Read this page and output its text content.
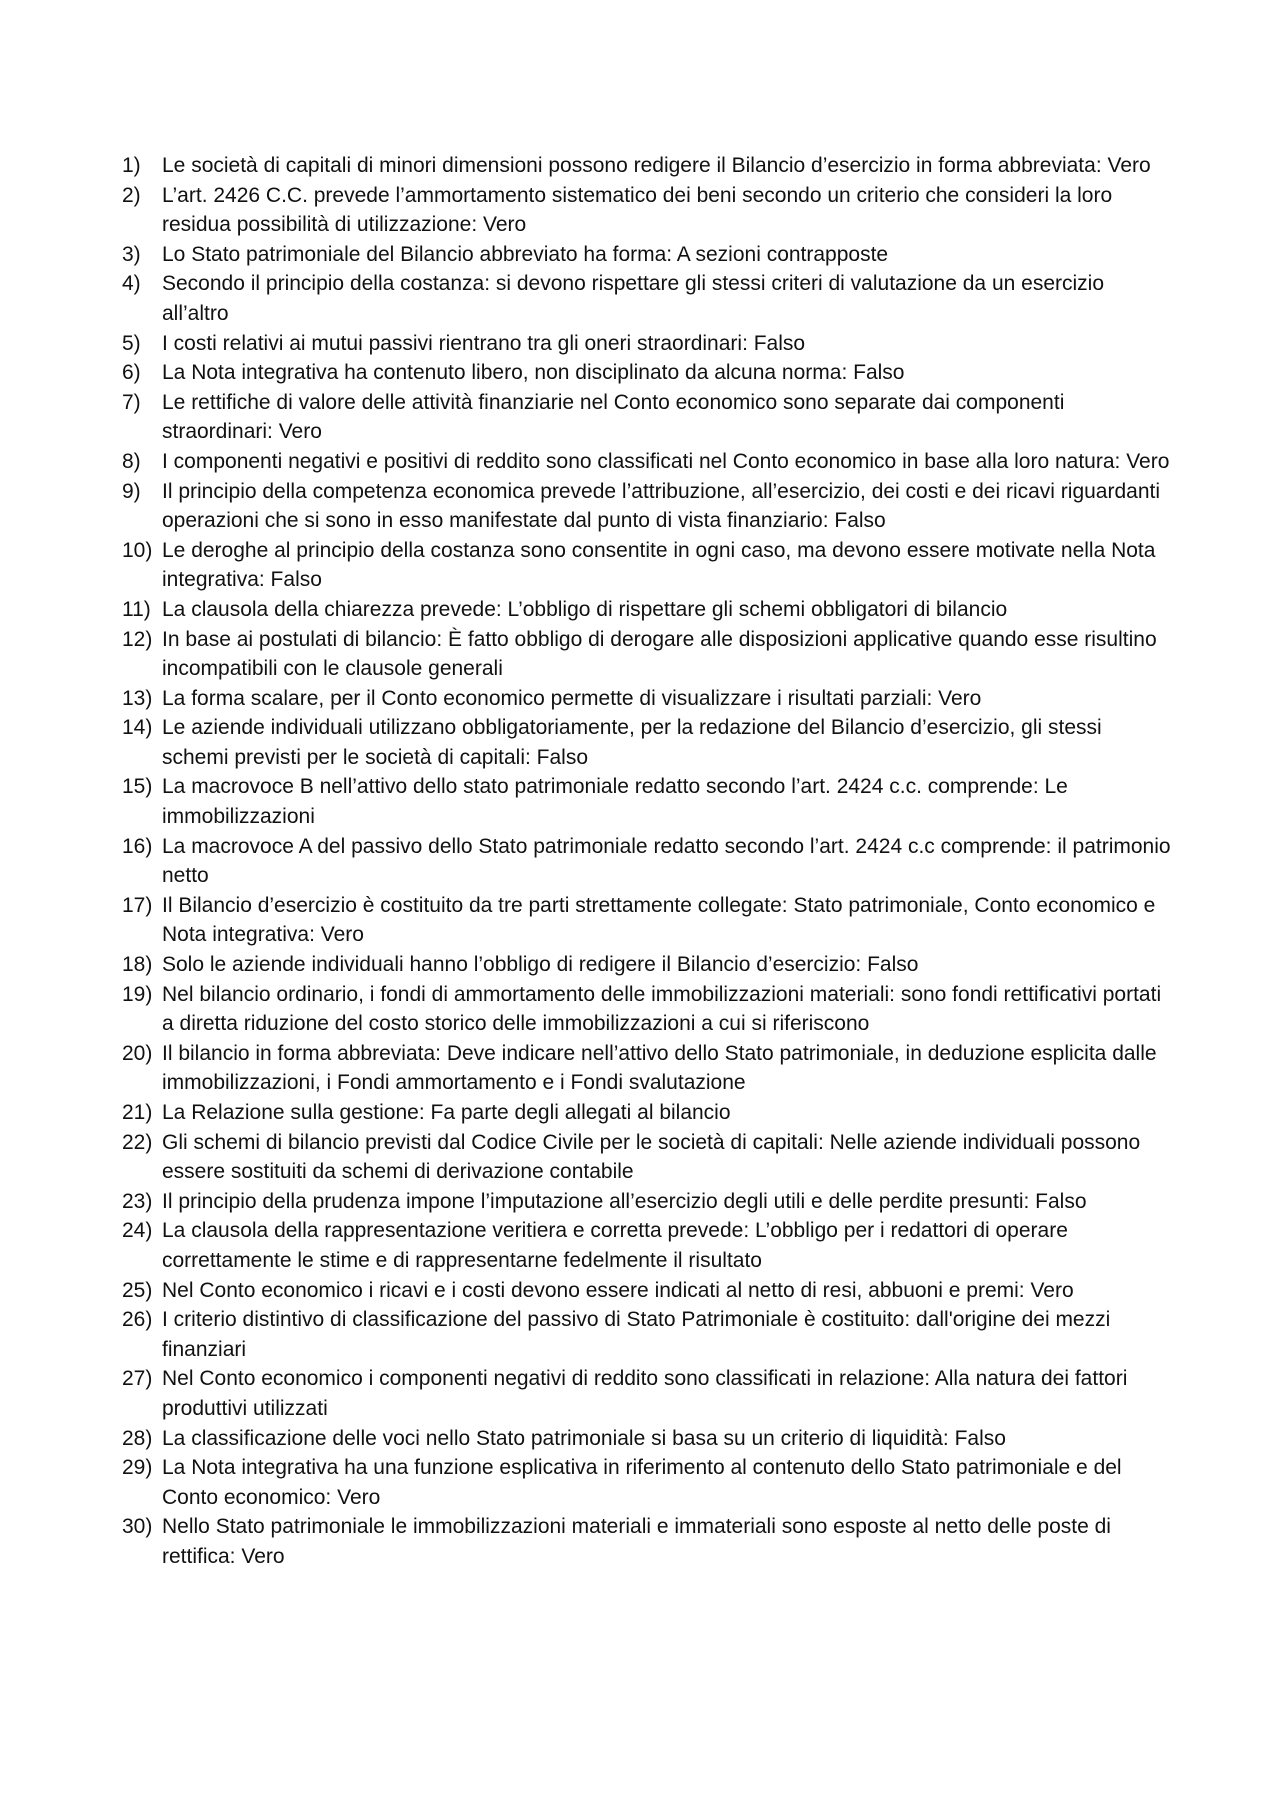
1) Le società di capitali di minori dimensioni possono redigere il Bilancio d’esercizio in forma abbreviata: Vero
2) L’art. 2426 C.C. prevede l’ammortamento sistematico dei beni secondo un criterio che consideri la loro residua possibilità di utilizzazione: Vero
3) Lo Stato patrimoniale del Bilancio abbreviato ha forma: A sezioni contrapposte
4) Secondo il principio della costanza: si devono rispettare gli stessi criteri di valutazione da un esercizio all’altro
5) I costi relativi ai mutui passivi rientrano tra gli oneri straordinari: Falso
6) La Nota integrativa ha contenuto libero, non disciplinato da alcuna norma: Falso
7) Le rettifiche di valore delle attività finanziarie nel Conto economico sono separate dai componenti straordinari: Vero
8) I componenti negativi e positivi di reddito sono classificati nel Conto economico in base alla loro natura: Vero
9) Il principio della competenza economica prevede l’attribuzione, all’esercizio, dei costi e dei ricavi riguardanti operazioni che si sono in esso manifestate dal punto di vista finanziario: Falso
10) Le deroghe al principio della costanza sono consentite in ogni caso, ma devono essere motivate nella Nota integrativa: Falso
11) La clausola della chiarezza prevede: L’obbligo di rispettare gli schemi obbligatori di bilancio
12) In base ai postulati di bilancio: È fatto obbligo di derogare alle disposizioni applicative quando esse risultino incompatibili con le clausole generali
13) La forma scalare, per il Conto economico permette di visualizzare i risultati parziali: Vero
14) Le aziende individuali utilizzano obbligatoriamente, per la redazione del Bilancio d’esercizio, gli stessi schemi previsti per le società di capitali: Falso
15) La macrovoce B nell’attivo dello stato patrimoniale redatto secondo l’art. 2424 c.c. comprende: Le immobilizzazioni
16) La macrovoce A del passivo dello Stato patrimoniale redatto secondo l’art. 2424 c.c comprende: il patrimonio netto
17) Il Bilancio d’esercizio è costituito da tre parti strettamente collegate: Stato patrimoniale, Conto economico e Nota integrativa: Vero
18) Solo le aziende individuali hanno l’obbligo di redigere il Bilancio d’esercizio: Falso
19) Nel bilancio ordinario, i fondi di ammortamento delle immobilizzazioni materiali: sono fondi rettificativi portati a diretta riduzione del costo storico delle immobilizzazioni a cui si riferiscono
20) Il bilancio in forma abbreviata: Deve indicare nell’attivo dello Stato patrimoniale, in deduzione esplicita dalle immobilizzazioni, i Fondi ammortamento e i Fondi svalutazione
21) La Relazione sulla gestione: Fa parte degli allegati al bilancio
22) Gli schemi di bilancio previsti dal Codice Civile per le società di capitali: Nelle aziende individuali possono essere sostituiti da schemi di derivazione contabile
23) Il principio della prudenza impone l’imputazione all’esercizio degli utili e delle perdite presunti: Falso
24) La clausola della rappresentazione veritiera e corretta prevede: L’obbligo per i redattori di operare correttamente le stime e di rappresentarne fedelmente il risultato
25) Nel Conto economico i ricavi e i costi devono essere indicati al netto di resi, abbuoni e premi: Vero
26) I criterio distintivo di classificazione del passivo di Stato Patrimoniale è costituito: dall'origine dei mezzi finanziari
27) Nel Conto economico i componenti negativi di reddito sono classificati in relazione: Alla natura dei fattori produttivi utilizzati
28) La classificazione delle voci nello Stato patrimoniale si basa su un criterio di liquidità: Falso
29) La Nota integrativa ha una funzione esplicativa in riferimento al contenuto dello Stato patrimoniale e del Conto economico: Vero
30) Nello Stato patrimoniale le immobilizzazioni materiali e immateriali sono esposte al netto delle poste di rettifica: Vero
